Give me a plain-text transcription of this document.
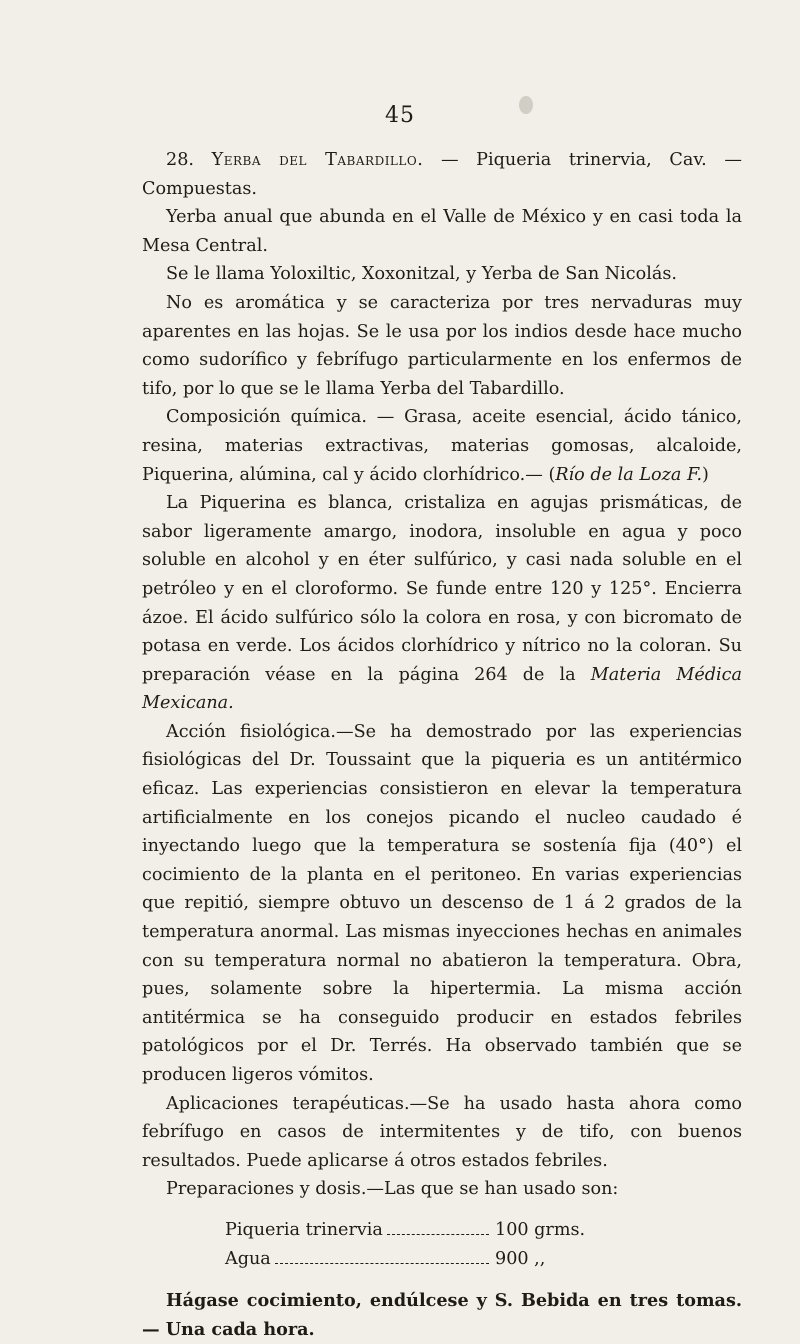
45

28. Yerba del Tabardillo. — Piqueria trinervia, Cav. — Compuestas.

Yerba anual que abunda en el Valle de México y en casi toda la Mesa Central.

Se le llama Yoloxiltic, Xoxonitzal, y Yerba de San Nicolás.

No es aromática y se caracteriza por tres nervaduras muy aparentes en las hojas. Se le usa por los indios desde hace mucho como sudorífico y febrífugo particularmente en los enfermos de tifo, por lo que se le llama Yerba del Tabardillo.

Composición química. — Grasa, aceite esencial, ácido tánico, resina, materias extractivas, materias gomosas, alcaloide, Piquerina, alúmina, cal y ácido clorhídrico.— (Río de la Loza F.)

La Piquerina es blanca, cristaliza en agujas prismáticas, de sabor ligeramente amargo, inodora, insoluble en agua y poco soluble en alcohol y en éter sulfúrico, y casi nada soluble en el petróleo y en el cloroformo. Se funde entre 120 y 125°. Encierra ázoe. El ácido sulfúrico sólo la colora en rosa, y con bicromato de potasa en verde. Los ácidos clorhídrico y nítrico no la coloran. Su preparación véase en la página 264 de la Materia Médica Mexicana.

Acción fisiológica.—Se ha demostrado por las experiencias fisiológicas del Dr. Toussaint que la piqueria es un antitérmico eficaz. Las experiencias consistieron en elevar la temperatura artificialmente en los conejos picando el nucleo caudado é inyectando luego que la temperatura se sostenía fija (40°) el cocimiento de la planta en el peritoneo. En varias experiencias que repitió, siempre obtuvo un descenso de 1 á 2 grados de la temperatura anormal. Las mismas inyecciones hechas en animales con su temperatura normal no abatieron la temperatura. Obra, pues, solamente sobre la hipertermia. La misma acción antitérmica se ha conseguido producir en estados febriles patológicos por el Dr. Terrés. Ha observado también que se producen ligeros vómitos.

Aplicaciones terapéuticas.—Se ha usado hasta ahora como febrífugo en casos de intermitentes y de tifo, con buenos resultados. Puede aplicarse á otros estados febriles.

Preparaciones y dosis.—Las que se han usado son:

Piqueria trinervia	100 grms.
Agua	900 ,,

Hágase cocimiento, endúlcese y S. Bebida en tres tomas.— Una cada hora.
